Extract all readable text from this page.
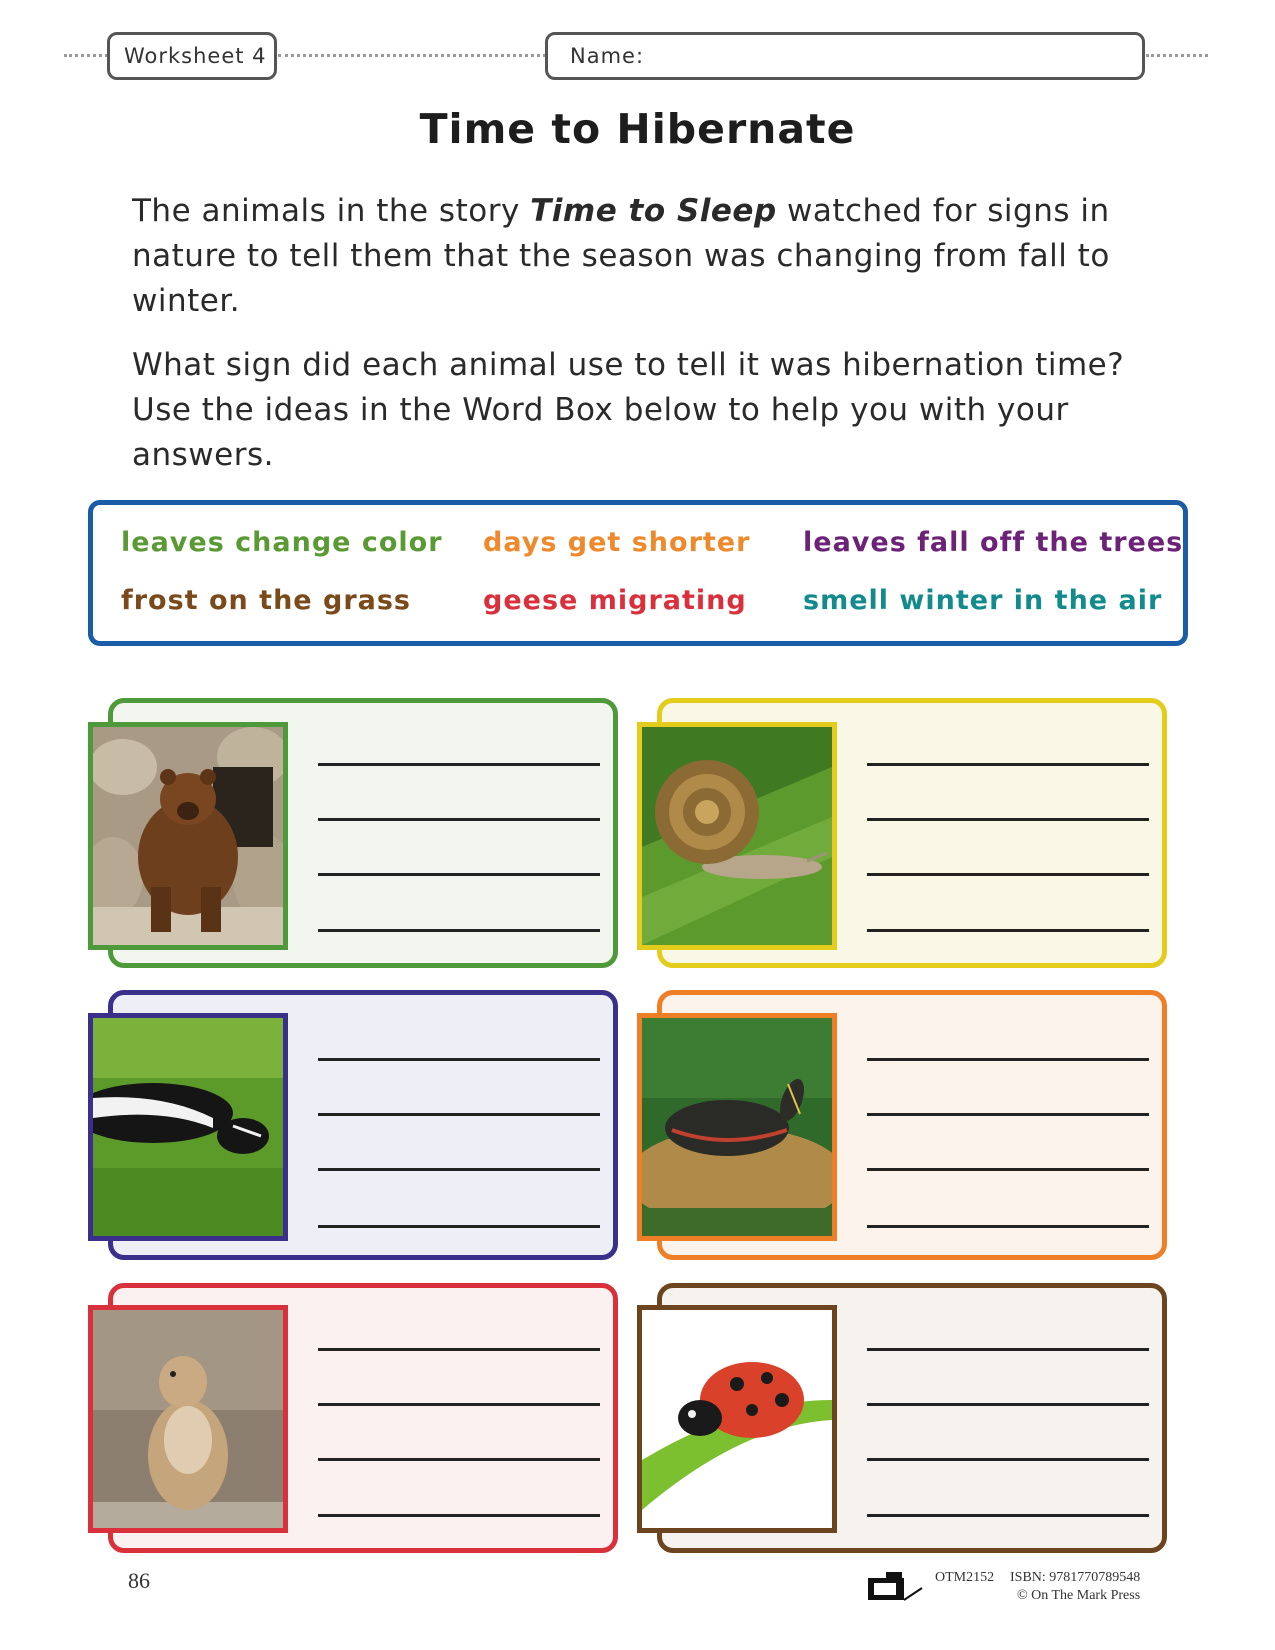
Worksheet 4	Name:
Time to Hibernate
The animals in the story Time to Sleep watched for signs in nature to tell them that the season was changing from fall to winter.
What sign did each animal use to tell it was hibernation time? Use the ideas in the Word Box below to help you with your answers.
leaves change color days get shorter leaves fall off the trees
frost on the grass	geese migrating smell winter in the air
86	OTM2152 ISBN: 9781770789548
© On The Mark Press
